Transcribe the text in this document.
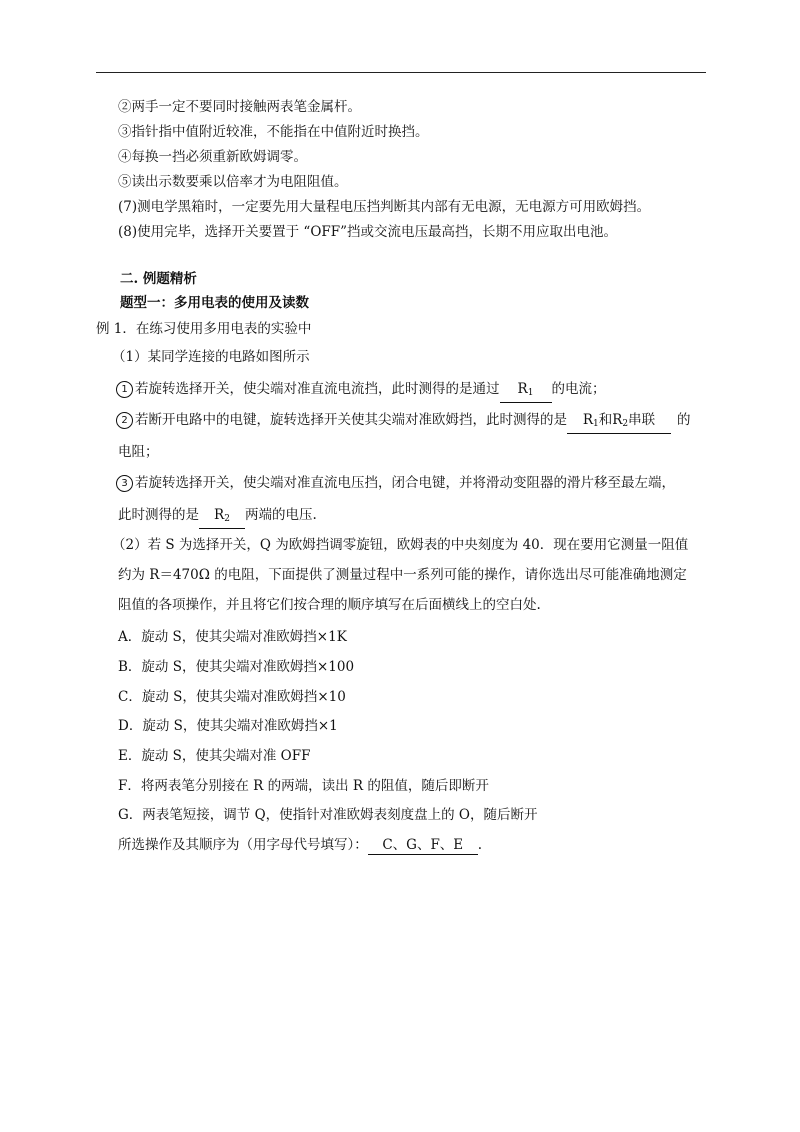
②两手一定不要同时接触两表笔金属杆。
③指针指中值附近较准，不能指在中值附近时换挡。
④每换一挡必须重新欧姆调零。
⑤读出示数要乘以倍率才为电阻阻值。
(7)测电学黑箱时，一定要先用大量程电压挡判断其内部有无电源，无电源方可用欧姆挡。
(8)使用完毕，选择开关要置于 “OFF”挡或交流电压最高挡，长期不用应取出电池。
二. 例题精析
题型一：多用电表的使用及读数
例 1．在练习使用多用电表的实验中
（1）某同学连接的电路如图所示
1 若旋转选择开关，使尖端对准直流电流挡，此时测得的是通过 $R_1$ 的电流；
2 若断开电路中的电键，旋转选择开关使其尖端对准欧姆挡，此时测得的是 $R_1$和$R_2$串联 的
电阻；
3 若旋转选择开关，使尖端对准直流电压挡，闭合电键，并将滑动变阻器的滑片移至最左端，
此时测得的是 $R_2$ 两端的电压.
（2）若 S 为选择开关，Q 为欧姆挡调零旋钮，欧姆表的中央刻度为 40．现在要用它测量一阻值
约为 R＝470Ω 的电阻，下面提供了测量过程中一系列可能的操作，请你选出尽可能准确地测定
阻值的各项操作，并且将它们按合理的顺序填写在后面横线上的空白处.
A．旋动 S，使其尖端对准欧姆挡×1K
B．旋动 S，使其尖端对准欧姆挡×100
C．旋动 S，使其尖端对准欧姆挡×10
D．旋动 S，使其尖端对准欧姆挡×1
E．旋动 S，使其尖端对准 OFF
F．将两表笔分别接在 R 的两端，读出 R 的阻值，随后即断开
G．两表笔短接，调节 Q，使指针对准欧姆表刻度盘上的 O，随后断开
所选操作及其顺序为（用字母代号填写）： C、G、F、E .
